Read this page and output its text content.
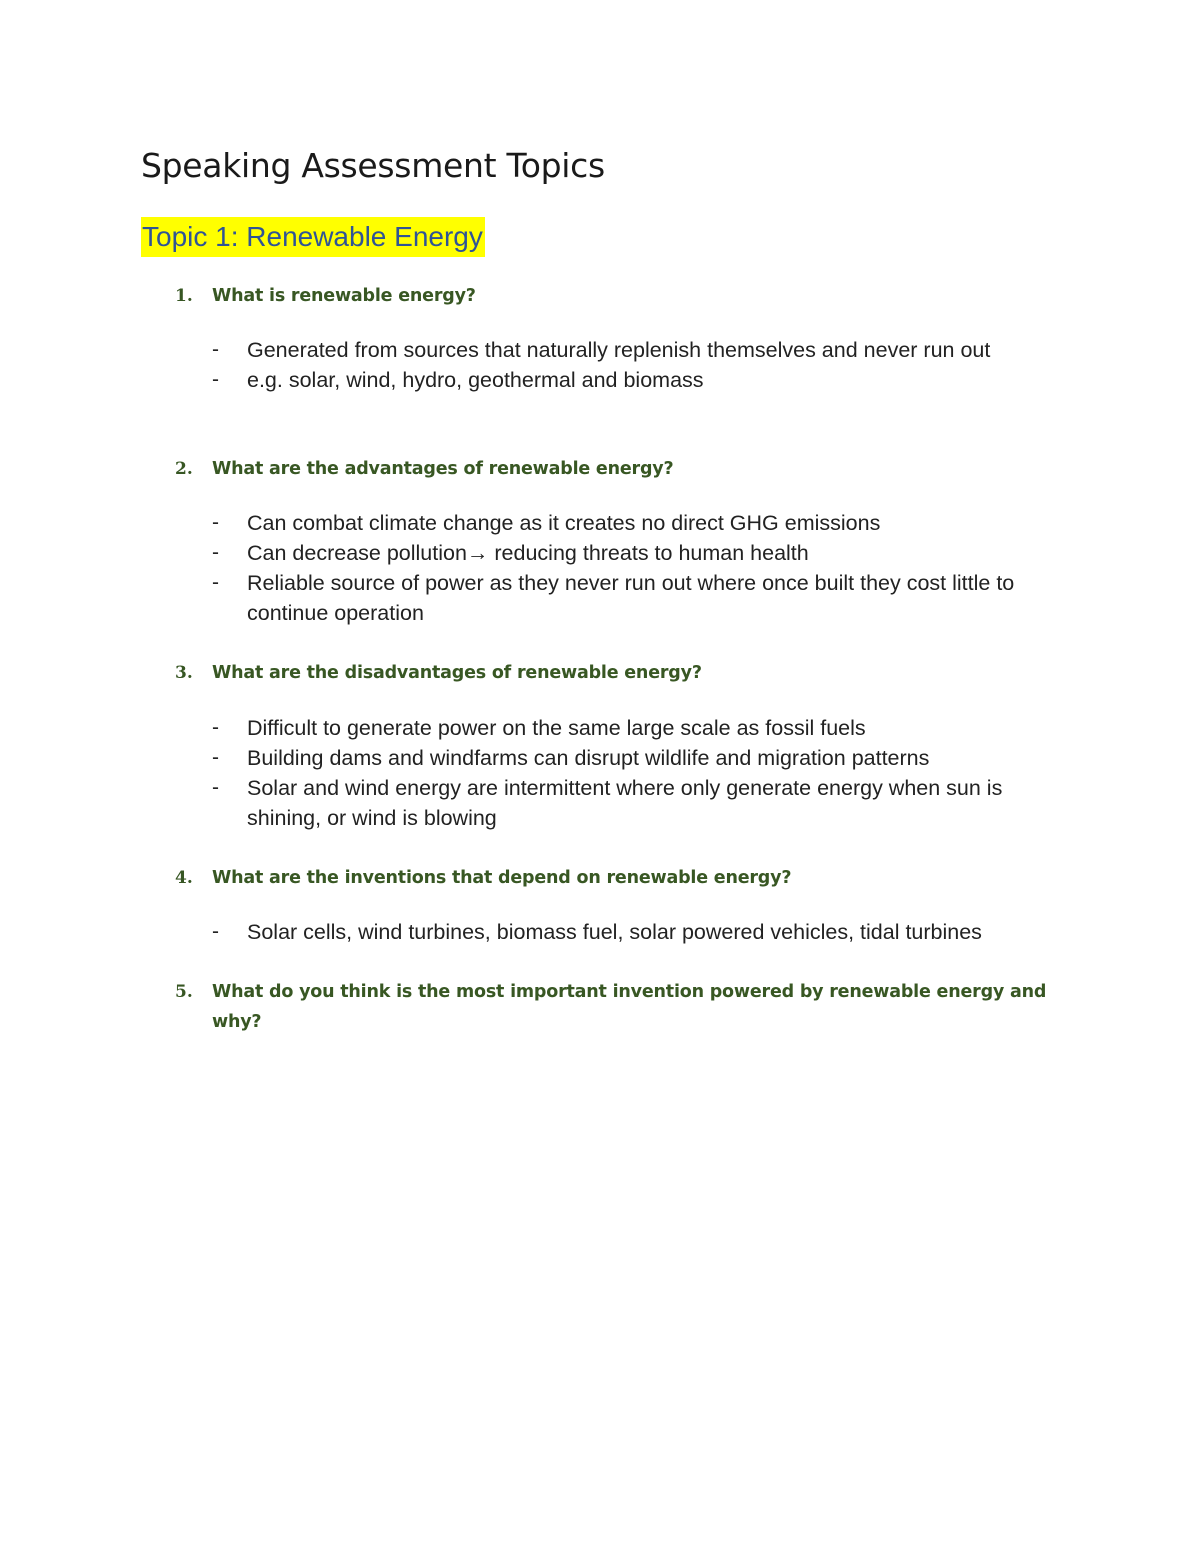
Speaking Assessment Topics
Topic 1: Renewable Energy
1. What is renewable energy?
- Generated from sources that naturally replenish themselves and never run out
- e.g. solar, wind, hydro, geothermal and biomass
2. What are the advantages of renewable energy?
- Can combat climate change as it creates no direct GHG emissions
- Can decrease pollution→ reducing threats to human health
- Reliable source of power as they never run out where once built they cost little to continue operation
3. What are the disadvantages of renewable energy?
- Difficult to generate power on the same large scale as fossil fuels
- Building dams and windfarms can disrupt wildlife and migration patterns
- Solar and wind energy are intermittent where only generate energy when sun is shining, or wind is blowing
4. What are the inventions that depend on renewable energy?
- Solar cells, wind turbines, biomass fuel, solar powered vehicles, tidal turbines
5. What do you think is the most important invention powered by renewable energy and why?
